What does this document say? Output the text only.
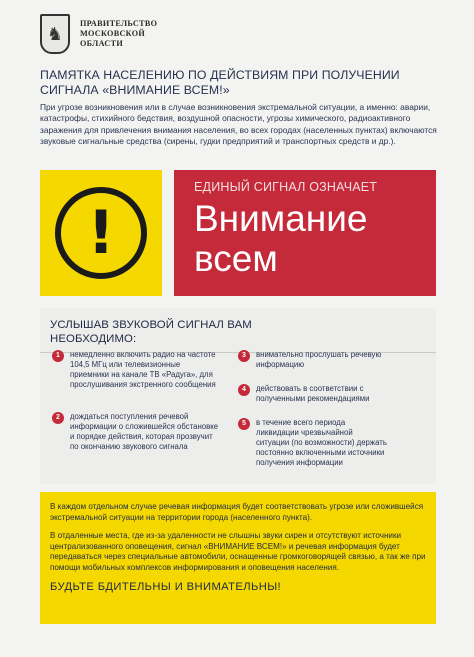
♞
ПРАВИТЕЛЬСТВО
МОСКОВСКОЙ
ОБЛАСТИ
ПАМЯТКА НАСЕЛЕНИЮ ПО ДЕЙСТВИЯМ ПРИ ПОЛУЧЕНИИ СИГНАЛА «ВНИМАНИЕ ВСЕМ!»
При угрозе возникновения или в случае возникновения экстремальной ситуации, а именно: аварии, катастрофы, стихийного бедствия, воздушной опасности, угрозы химического, радиоактивного заражения для привлечения внимания населения, во всех городах (населенных пунктах) включаются звуковые сигнальные средства (сирены, гудки предприятий и транспортных средств и др.).
!
ЕДИНЫЙ СИГНАЛ ОЗНАЧАЕТ
Внимание
всем
УСЛЫШАВ ЗВУКОВОЙ СИГНАЛ ВАМ НЕОБХОДИМО:
1	немедленно включить радио на частоте 104,5 МГц или телевизионные приемники на канале ТВ «Радуга», для прослушивания экстренного сообщения
2	дождаться поступления речевой информации о сложившейся обстановке и порядке действия, которая прозвучит по окончанию звукового сигнала
3	внимательно прослушать речевую информацию
4	действовать в соответствии с полученными рекомендациями
5	в течение всего периода ликвидации чрезвычайной ситуации (по возможности) держать постоянно включенными источники получения информации

В каждом отдельном случае речевая информация будет соответствовать угрозе или сложившейся экстремальной ситуации на территории города (населенного пункта).

В отдаленные места, где из-за удаленности не слышны звуки сирен и отсутствуют источники централизованного оповещения, сигнал «ВНИМАНИЕ ВСЕМ!» и речевая информация будет передаваться через специальные автомобили, оснащенные громкоговорящей связью, а так же при помощи мобильных комплексов информирования и оповещения населения.

БУДЬТЕ БДИТЕЛЬНЫ И ВНИМАТЕЛЬНЫ!
